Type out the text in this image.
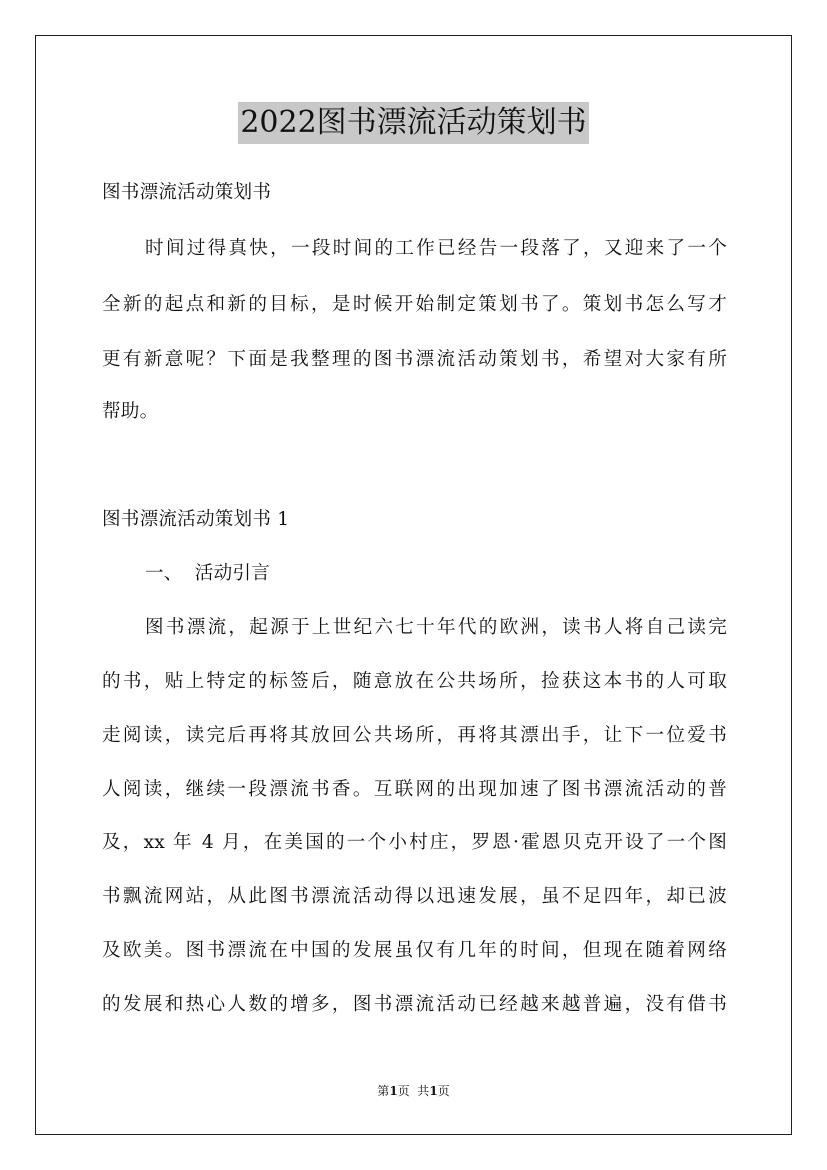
2022图书漂流活动策划书
图书漂流活动策划书
时间过得真快，一段时间的工作已经告一段落了，又迎来了一个
全新的起点和新的目标，是时候开始制定策划书了。策划书怎么写才
更有新意呢？下面是我整理的图书漂流活动策划书，希望对大家有所
帮助。
图书漂流活动策划书 1
一、  活动引言
图书漂流，起源于上世纪六七十年代的欧洲，读书人将自己读完
的书，贴上特定的标签后，随意放在公共场所，捡获这本书的人可取
走阅读，读完后再将其放回公共场所，再将其漂出手，让下一位爱书
人阅读，继续一段漂流书香。互联网的出现加速了图书漂流活动的普
及，xx 年 4 月，在美国的一个小村庄，罗恩·霍恩贝克开设了一个图
书飘流网站，从此图书漂流活动得以迅速发展，虽不足四年，却已波
及欧美。图书漂流在中国的发展虽仅有几年的时间，但现在随着网络
的发展和热心人数的增多，图书漂流活动已经越来越普遍，没有借书
第1页  共1页
